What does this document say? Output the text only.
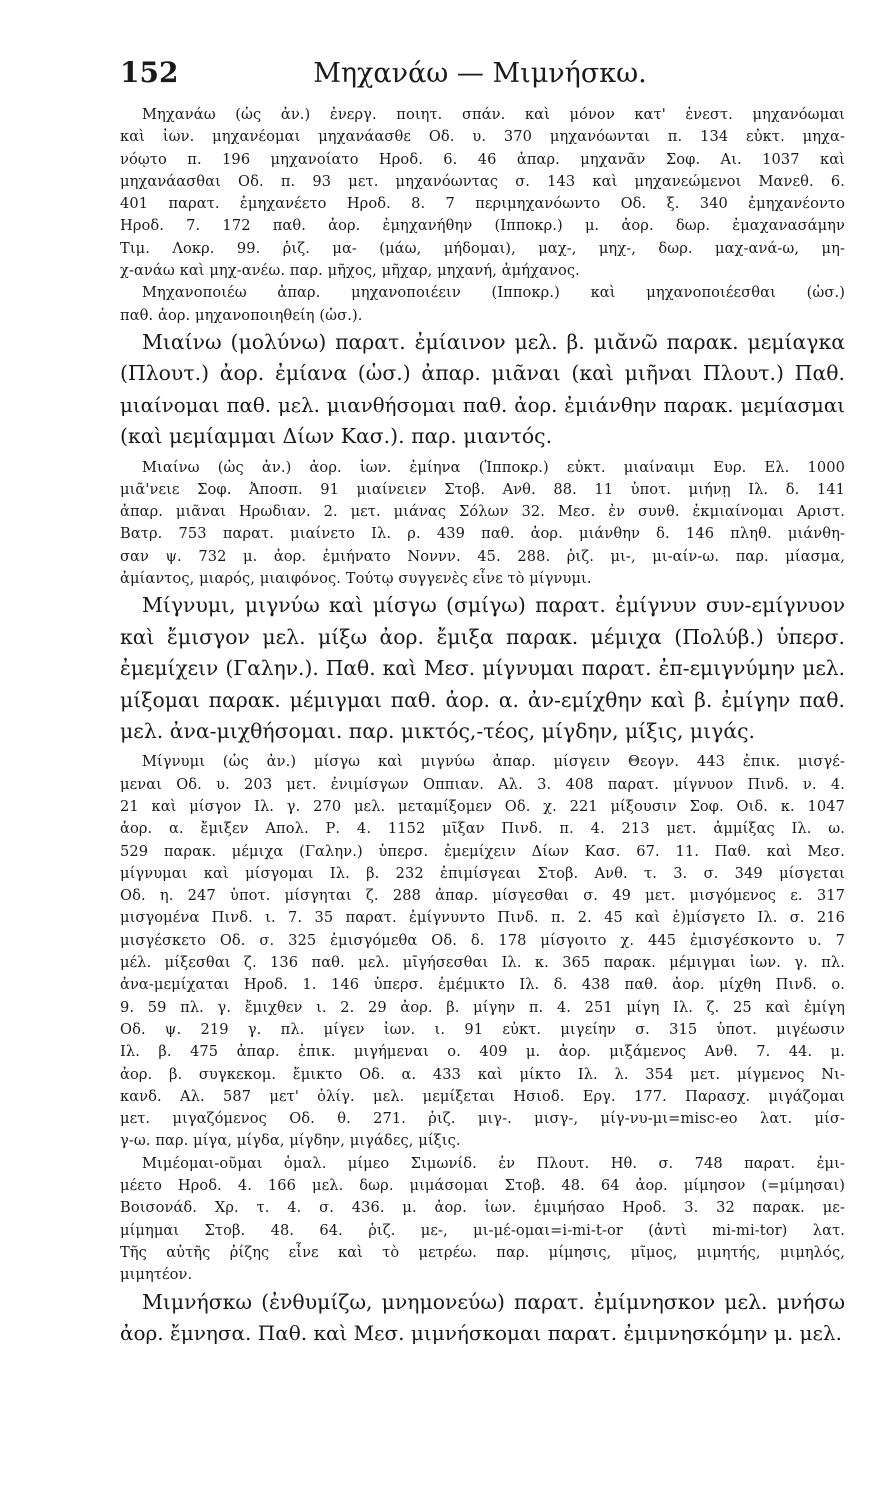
152	Μηχανάω — Μιμνήσκω.
Μηχανάω (ὡς ἀν.) ἐνεργ. ποιητ. σπάν. καὶ μόνον κατ' ἐνεστ. μηχανόωμαι
καὶ ἰων. μηχανέομαι μηχανάασθε Οδ. υ. 370 μηχανόωνται π. 134 εὐκτ. μηχα-
νόῳτο π. 196 μηχανοίατο Ηροδ. 6. 46 ἀπαρ. μηχανᾶν Σοφ. Αι. 1037 καὶ
μηχανάασθαι Οδ. π. 93 μετ. μηχανόωντας σ. 143 καὶ μηχανεώμενοι Μανεθ. 6.
401 παρατ. ἐμηχανέετο Ηροδ. 8. 7 περιμηχανόωντο Οδ. ξ. 340 ἐμηχανέοντο
Ηροδ. 7. 172 παθ. ἀορ. ἐμηχανήθην (Ιπποκρ.) μ. ἀορ. δωρ. ἐμαχανασάμην
Τιμ. Λοκρ. 99. ῥιζ. μα- (μάω, μήδομαι), μαχ-, μηχ-, δωρ. μαχ-ανά-ω, μη-
χ-ανάω καὶ μηχ-ανέω. παρ. μῆχος, μῆχαρ, μηχανή, ἀμήχανος.
Μηχανοποιέω ἀπαρ. μηχανοποιέειν (Ιπποκρ.) καὶ μηχανοποιέεσθαι (ὡσ.)
παθ. ἀορ. μηχανοποιηθείη (ὡσ.).
Μιαίνω (μολύνω) παρατ. ἐμίαινον μελ. β. μιᾰνῶ παρακ. μεμίαγκα
(Πλουτ.) ἀορ. ἐμίανα (ὡσ.) ἀπαρ. μιᾶναι (καὶ μιῆναι Πλουτ.) Παθ.
μιαίνομαι παθ. μελ. μιανθήσομαι παθ. ἀορ. ἐμιάνθην παρακ. μεμίασμαι
(καὶ μεμίαμμαι Δίων Κασ.). παρ. μιαντός.
Μιαίνω (ὡς ἀν.) ἀορ. ἰων. ἐμίηνα (Ἱπποκρ.) εὐκτ. μιαίναιμι Ευρ. Ελ. 1000
μιᾶ'νειε Σοφ. Ἀποσπ. 91 μιαίνειεν Στοβ. Ανθ. 88. 11 ὑποτ. μιήνῃ Ιλ. δ. 141
ἀπαρ. μιᾶναι Ηρωδιαν. 2. μετ. μιάνας Σόλων 32. Μεσ. ἐν συνθ. ἐκμιαίνομαι Αριστ.
Βατρ. 753 παρατ. μιαίνετο Ιλ. ρ. 439 παθ. ἀορ. μιάνθην δ. 146 πληθ. μιάνθη-
σαν ψ. 732 μ. ἀορ. ἐμιήνατο Νοννν. 45. 288. ῥιζ. μι-, μι-αίν-ω. παρ. μίασμα,
ἀμίαντος, μιαρός, μιαιφόνος. Τούτῳ συγγενὲς εἶνε τὸ μίγνυμι.
Μίγνυμι, μιγνύω καὶ μίσγω (σμίγω) παρατ. ἐμίγνυν συν-εμίγνυον
καὶ ἔμισγον μελ. μίξω ἀορ. ἔμιξα παρακ. μέμιχα (Πολύβ.) ὑπερσ.
ἐμεμίχειν (Γαλην.). Παθ. καὶ Μεσ. μίγνυμαι παρατ. ἐπ-εμιγνύμην μελ.
μίξομαι παρακ. μέμιγμαι παθ. ἀορ. α. ἀν-εμίχθην καὶ β. ἐμίγην παθ.
μελ. ἀνα-μιχθήσομαι. παρ. μικτός,-τέος, μίγδην, μίξις, μιγάς.
Μίγνυμι (ὡς ἀν.) μίσγω καὶ μιγνύω ἀπαρ. μίσγειν Θεογν. 443 ἐπικ. μισγέ-
μεναι Οδ. υ. 203 μετ. ἐνιμίσγων Οππιαν. Αλ. 3. 408 παρατ. μίγνυον Πινδ. ν. 4.
21 καὶ μίσγον Ιλ. γ. 270 μελ. μεταμίξομεν Οδ. χ. 221 μίξουσιν Σοφ. Οιδ. κ. 1047
ἀορ. α. ἔμιξεν Απολ. Ρ. 4. 1152 μῖξαν Πινδ. π. 4. 213 μετ. ἀμμίξας Ιλ. ω.
529 παρακ. μέμιχα (Γαλην.) ὑπερσ. ἐμεμίχειν Δίων Κασ. 67. 11. Παθ. καὶ Μεσ.
μίγνυμαι καὶ μίσγομαι Ιλ. β. 232 ἐπιμίσγεαι Στοβ. Ανθ. τ. 3. σ. 349 μίσγεται
Οδ. η. 247 ὑποτ. μίσγηται ζ. 288 ἀπαρ. μίσγεσθαι σ. 49 μετ. μισγόμενος ε. 317
μισγομένα Πινδ. ι. 7. 35 παρατ. ἐμίγνυντο Πινδ. π. 2. 45 καὶ ἐ)μίσγετο Ιλ. σ. 216
μισγέσκετο Οδ. σ. 325 ἐμισγόμεθα Οδ. δ. 178 μίσγοιτο χ. 445 ἐμισγέσκοντο υ. 7
μέλ. μίξεσθαι ζ. 136 παθ. μελ. μῑγήσεσθαι Ιλ. κ. 365 παρακ. μέμιγμαι ἰων. γ. πλ.
ἀνα-μεμίχαται Ηροδ. 1. 146 ὑπερσ. ἐμέμικτο Ιλ. δ. 438 παθ. ἀορ. μίχθη Πινδ. ο.
9. 59 πλ. γ. ἔμιχθεν ι. 2. 29 ἀορ. β. μίγην π. 4. 251 μίγη Ιλ. ζ. 25 καὶ ἐμίγη
Οδ. ψ. 219 γ. πλ. μίγεν ἰων. ι. 91 εὐκτ. μιγείην σ. 315 ὑποτ. μιγέωσιν
Ιλ. β. 475 ἀπαρ. ἐπικ. μιγήμεναι ο. 409 μ. ἀορ. μιξάμενος Ανθ. 7. 44. μ.
ἀορ. β. συγκεκομ. ἔμικτο Οδ. α. 433 καὶ μίκτο Ιλ. λ. 354 μετ. μίγμενος Νι-
κανδ. Αλ. 587 μετ' ὀλίγ. μελ. μεμίξεται Ησιοδ. Εργ. 177. Παρασχ. μιγάζομαι
μετ. μιγαζόμενος Οδ. θ. 271. ῥιζ. μιγ-. μισγ-, μίγ-νυ-μι=misc-eo λατ. μίσ-
γ-ω. παρ. μίγα, μίγδα, μίγδην, μιγάδες, μίξις.
Μιμέομαι-οῦμαι ὁμαλ. μίμεο Σιμωνίδ. ἐν Πλουτ. Ηθ. σ. 748 παρατ. ἐμι-
μέετο Ηροδ. 4. 166 μελ. δωρ. μιμάσομαι Στοβ. 48. 64 ἀορ. μίμησον (=μίμησαι)
Βοισονάδ. Χρ. τ. 4. σ. 436. μ. ἀορ. ἰων. ἐμιμήσαο Ηροδ. 3. 32 παρακ. με-
μίμημαι Στοβ. 48. 64. ῥιζ. με-, μι-μέ-ομαι=i-mi-t-or (ἀντὶ mi-mi-tor) λατ.
Τῆς αὐτῆς ῥίζης εἶνε καὶ τὸ μετρέω. παρ. μίμησις, μῖμος, μιμητής, μιμηλός,
μιμητέον.
Μιμνήσκω (ἐνθυμίζω, μνημονεύω) παρατ. ἐμίμνησκον μελ. μνήσω
ἀορ. ἔμνησα. Παθ. καὶ Μεσ. μιμνήσκομαι παρατ. ἐμιμνησκόμην μ. μελ.
